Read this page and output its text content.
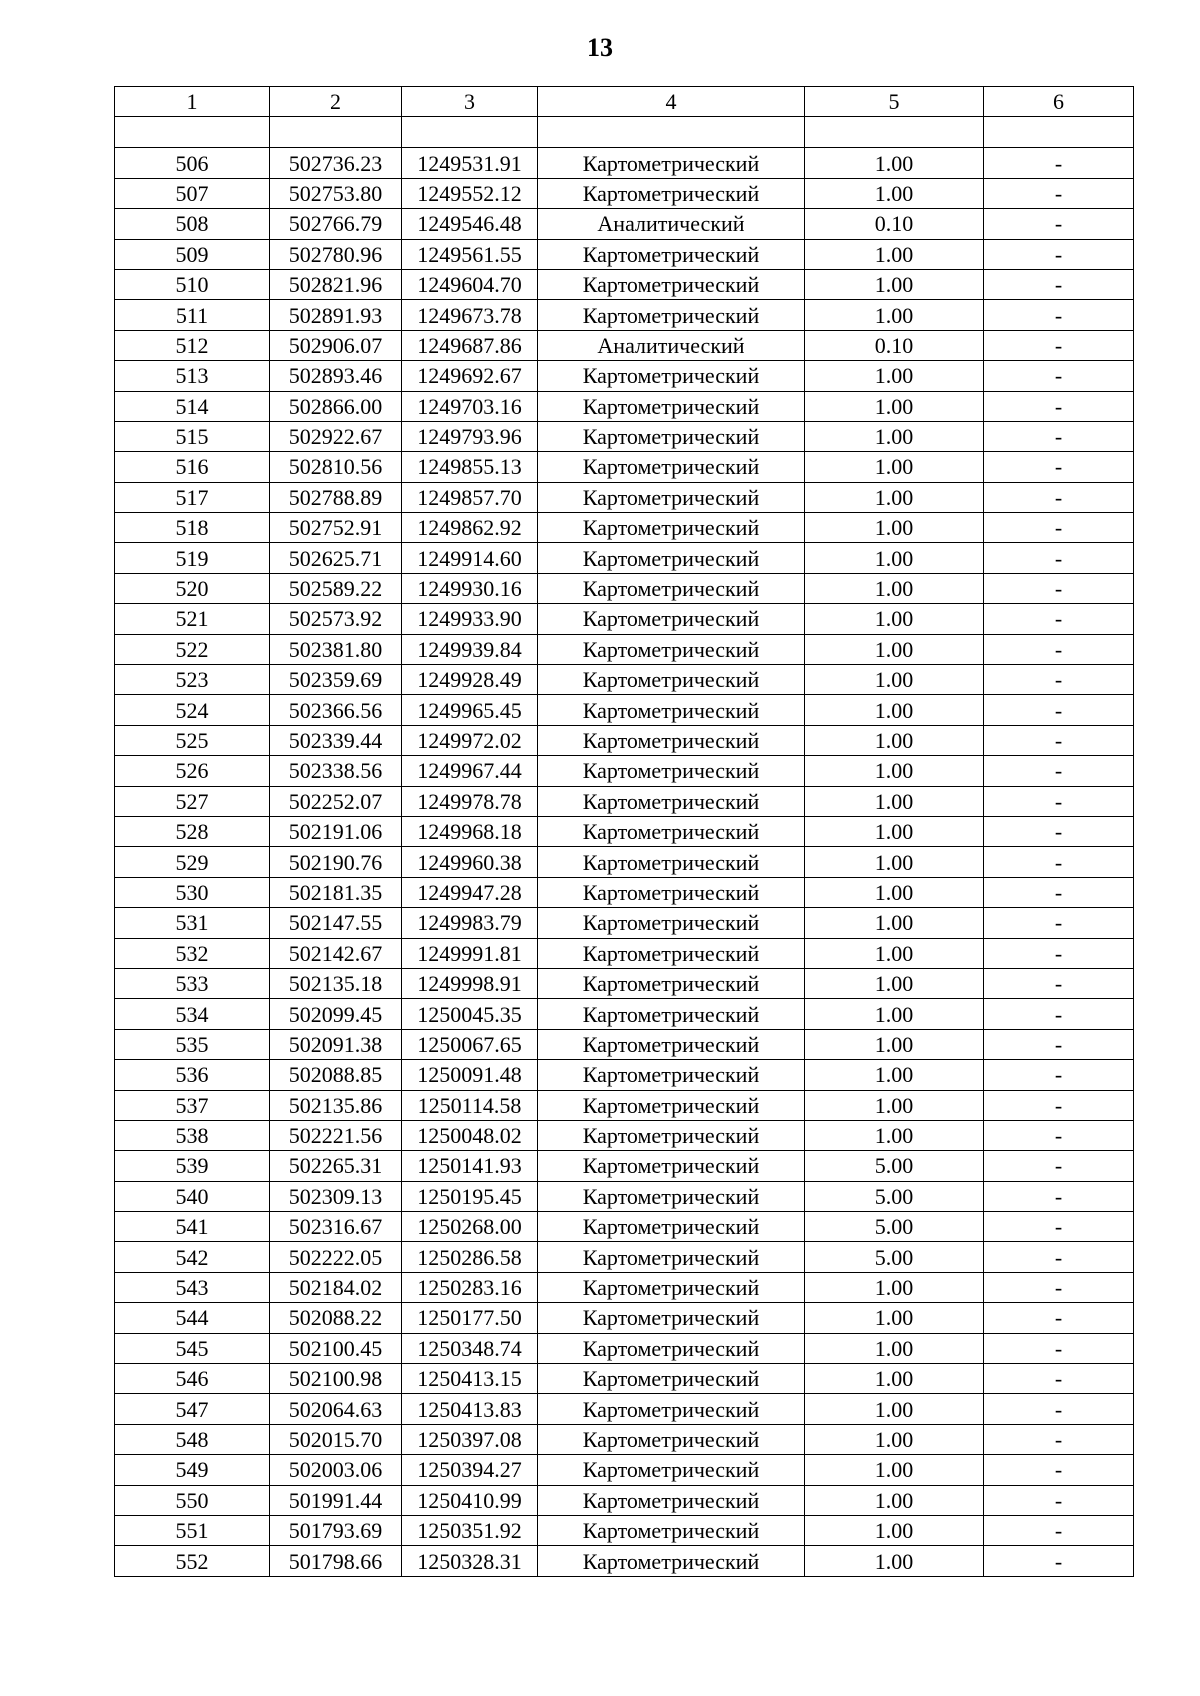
13
1	2	3	4	5	6

506	502736.23	1249531.91	Картометрический	1.00	-
507	502753.80	1249552.12	Картометрический	1.00	-
508	502766.79	1249546.48	Аналитический	0.10	-
509	502780.96	1249561.55	Картометрический	1.00	-
510	502821.96	1249604.70	Картометрический	1.00	-
511	502891.93	1249673.78	Картометрический	1.00	-
512	502906.07	1249687.86	Аналитический	0.10	-
513	502893.46	1249692.67	Картометрический	1.00	-
514	502866.00	1249703.16	Картометрический	1.00	-
515	502922.67	1249793.96	Картометрический	1.00	-
516	502810.56	1249855.13	Картометрический	1.00	-
517	502788.89	1249857.70	Картометрический	1.00	-
518	502752.91	1249862.92	Картометрический	1.00	-
519	502625.71	1249914.60	Картометрический	1.00	-
520	502589.22	1249930.16	Картометрический	1.00	-
521	502573.92	1249933.90	Картометрический	1.00	-
522	502381.80	1249939.84	Картометрический	1.00	-
523	502359.69	1249928.49	Картометрический	1.00	-
524	502366.56	1249965.45	Картометрический	1.00	-
525	502339.44	1249972.02	Картометрический	1.00	-
526	502338.56	1249967.44	Картометрический	1.00	-
527	502252.07	1249978.78	Картометрический	1.00	-
528	502191.06	1249968.18	Картометрический	1.00	-
529	502190.76	1249960.38	Картометрический	1.00	-
530	502181.35	1249947.28	Картометрический	1.00	-
531	502147.55	1249983.79	Картометрический	1.00	-
532	502142.67	1249991.81	Картометрический	1.00	-
533	502135.18	1249998.91	Картометрический	1.00	-
534	502099.45	1250045.35	Картометрический	1.00	-
535	502091.38	1250067.65	Картометрический	1.00	-
536	502088.85	1250091.48	Картометрический	1.00	-
537	502135.86	1250114.58	Картометрический	1.00	-
538	502221.56	1250048.02	Картометрический	1.00	-
539	502265.31	1250141.93	Картометрический	5.00	-
540	502309.13	1250195.45	Картометрический	5.00	-
541	502316.67	1250268.00	Картометрический	5.00	-
542	502222.05	1250286.58	Картометрический	5.00	-
543	502184.02	1250283.16	Картометрический	1.00	-
544	502088.22	1250177.50	Картометрический	1.00	-
545	502100.45	1250348.74	Картометрический	1.00	-
546	502100.98	1250413.15	Картометрический	1.00	-
547	502064.63	1250413.83	Картометрический	1.00	-
548	502015.70	1250397.08	Картометрический	1.00	-
549	502003.06	1250394.27	Картометрический	1.00	-
550	501991.44	1250410.99	Картометрический	1.00	-
551	501793.69	1250351.92	Картометрический	1.00	-
552	501798.66	1250328.31	Картометрический	1.00	-
